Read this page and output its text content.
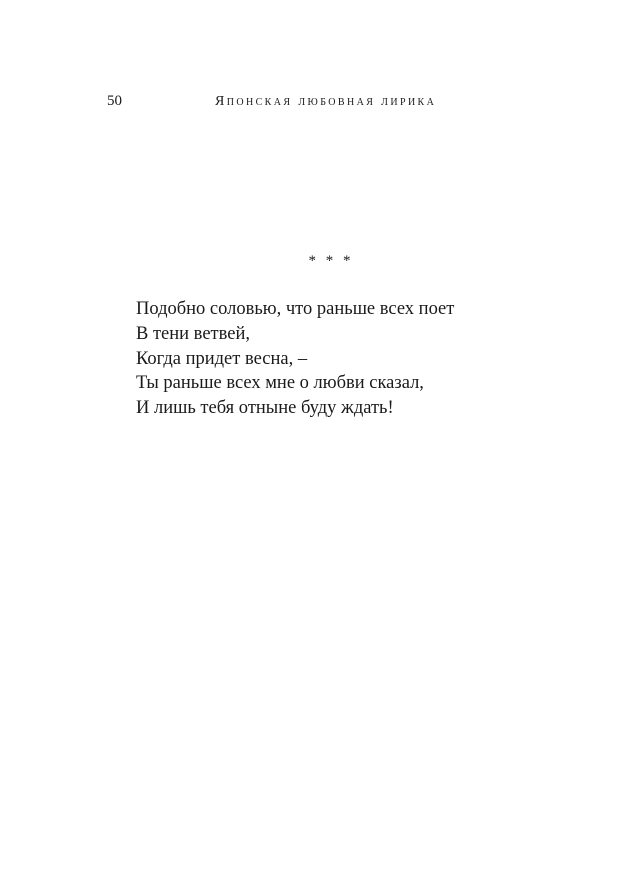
50	Японская любовная лирика
* * *
Подобно соловью, что раньше всех поет
В тени ветвей,
Когда придет весна, –
Ты раньше всех мне о любви сказал,
И лишь тебя отныне буду ждать!
